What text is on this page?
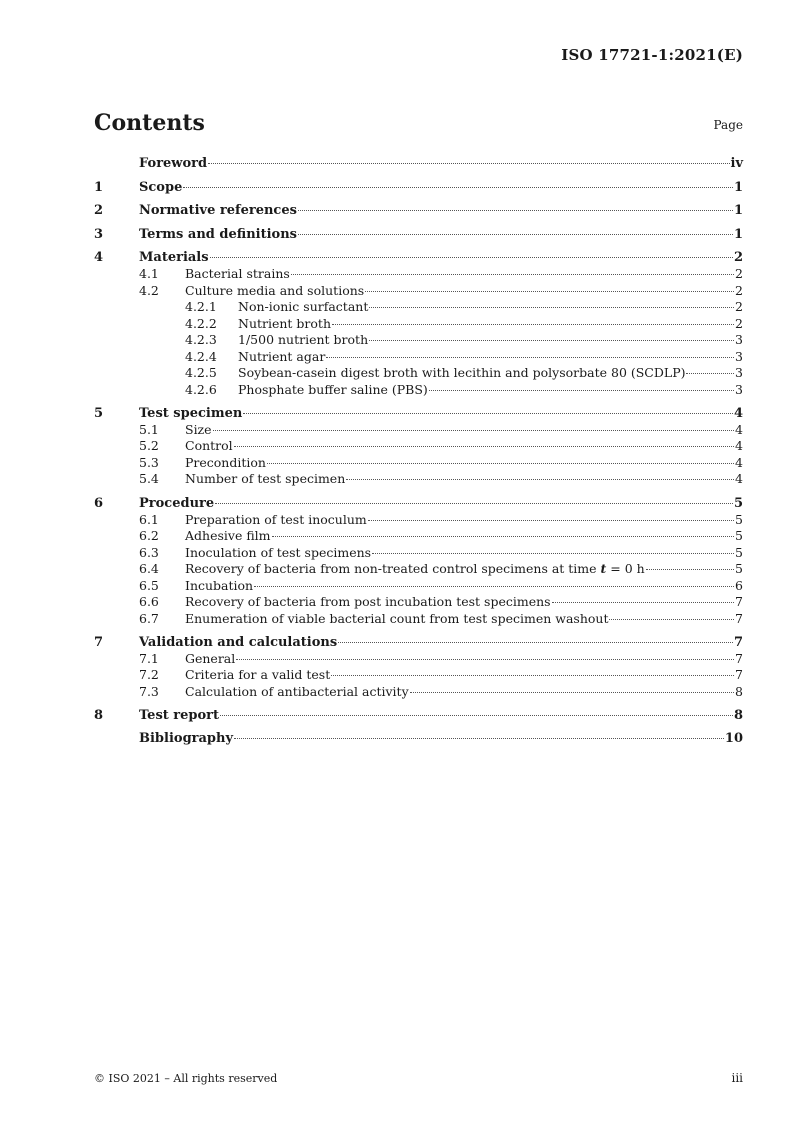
ISO 17721-1:2021(E)
Contents	Page
Foreword	iv
1	Scope	1
2	Normative references	1
3	Terms and definitions	1
4	Materials	2
4.1	Bacterial strains	2
4.2	Culture media and solutions	2
4.2.1	Non-ionic surfactant	2
4.2.2	Nutrient broth	2
4.2.3	1/500 nutrient broth	3
4.2.4	Nutrient agar	3
4.2.5	Soybean-casein digest broth with lecithin and polysorbate 80 (SCDLP)	3
4.2.6	Phosphate buffer saline (PBS)	3
5	Test specimen	4
5.1	Size	4
5.2	Control	4
5.3	Precondition	4
5.4	Number of test specimen	4
6	Procedure	5
6.1	Preparation of test inoculum	5
6.2	Adhesive film	5
6.3	Inoculation of test specimens	5
6.4	Recovery of bacteria from non-treated control specimens at time t = 0 h	5
6.5	Incubation	6
6.6	Recovery of bacteria from post incubation test specimens	7
6.7	Enumeration of viable bacterial count from test specimen washout	7
7	Validation and calculations	7
7.1	General	7
7.2	Criteria for a valid test	7
7.3	Calculation of antibacterial activity	8
8	Test report	8
Bibliography	10
© ISO 2021 – All rights reserved	iii
